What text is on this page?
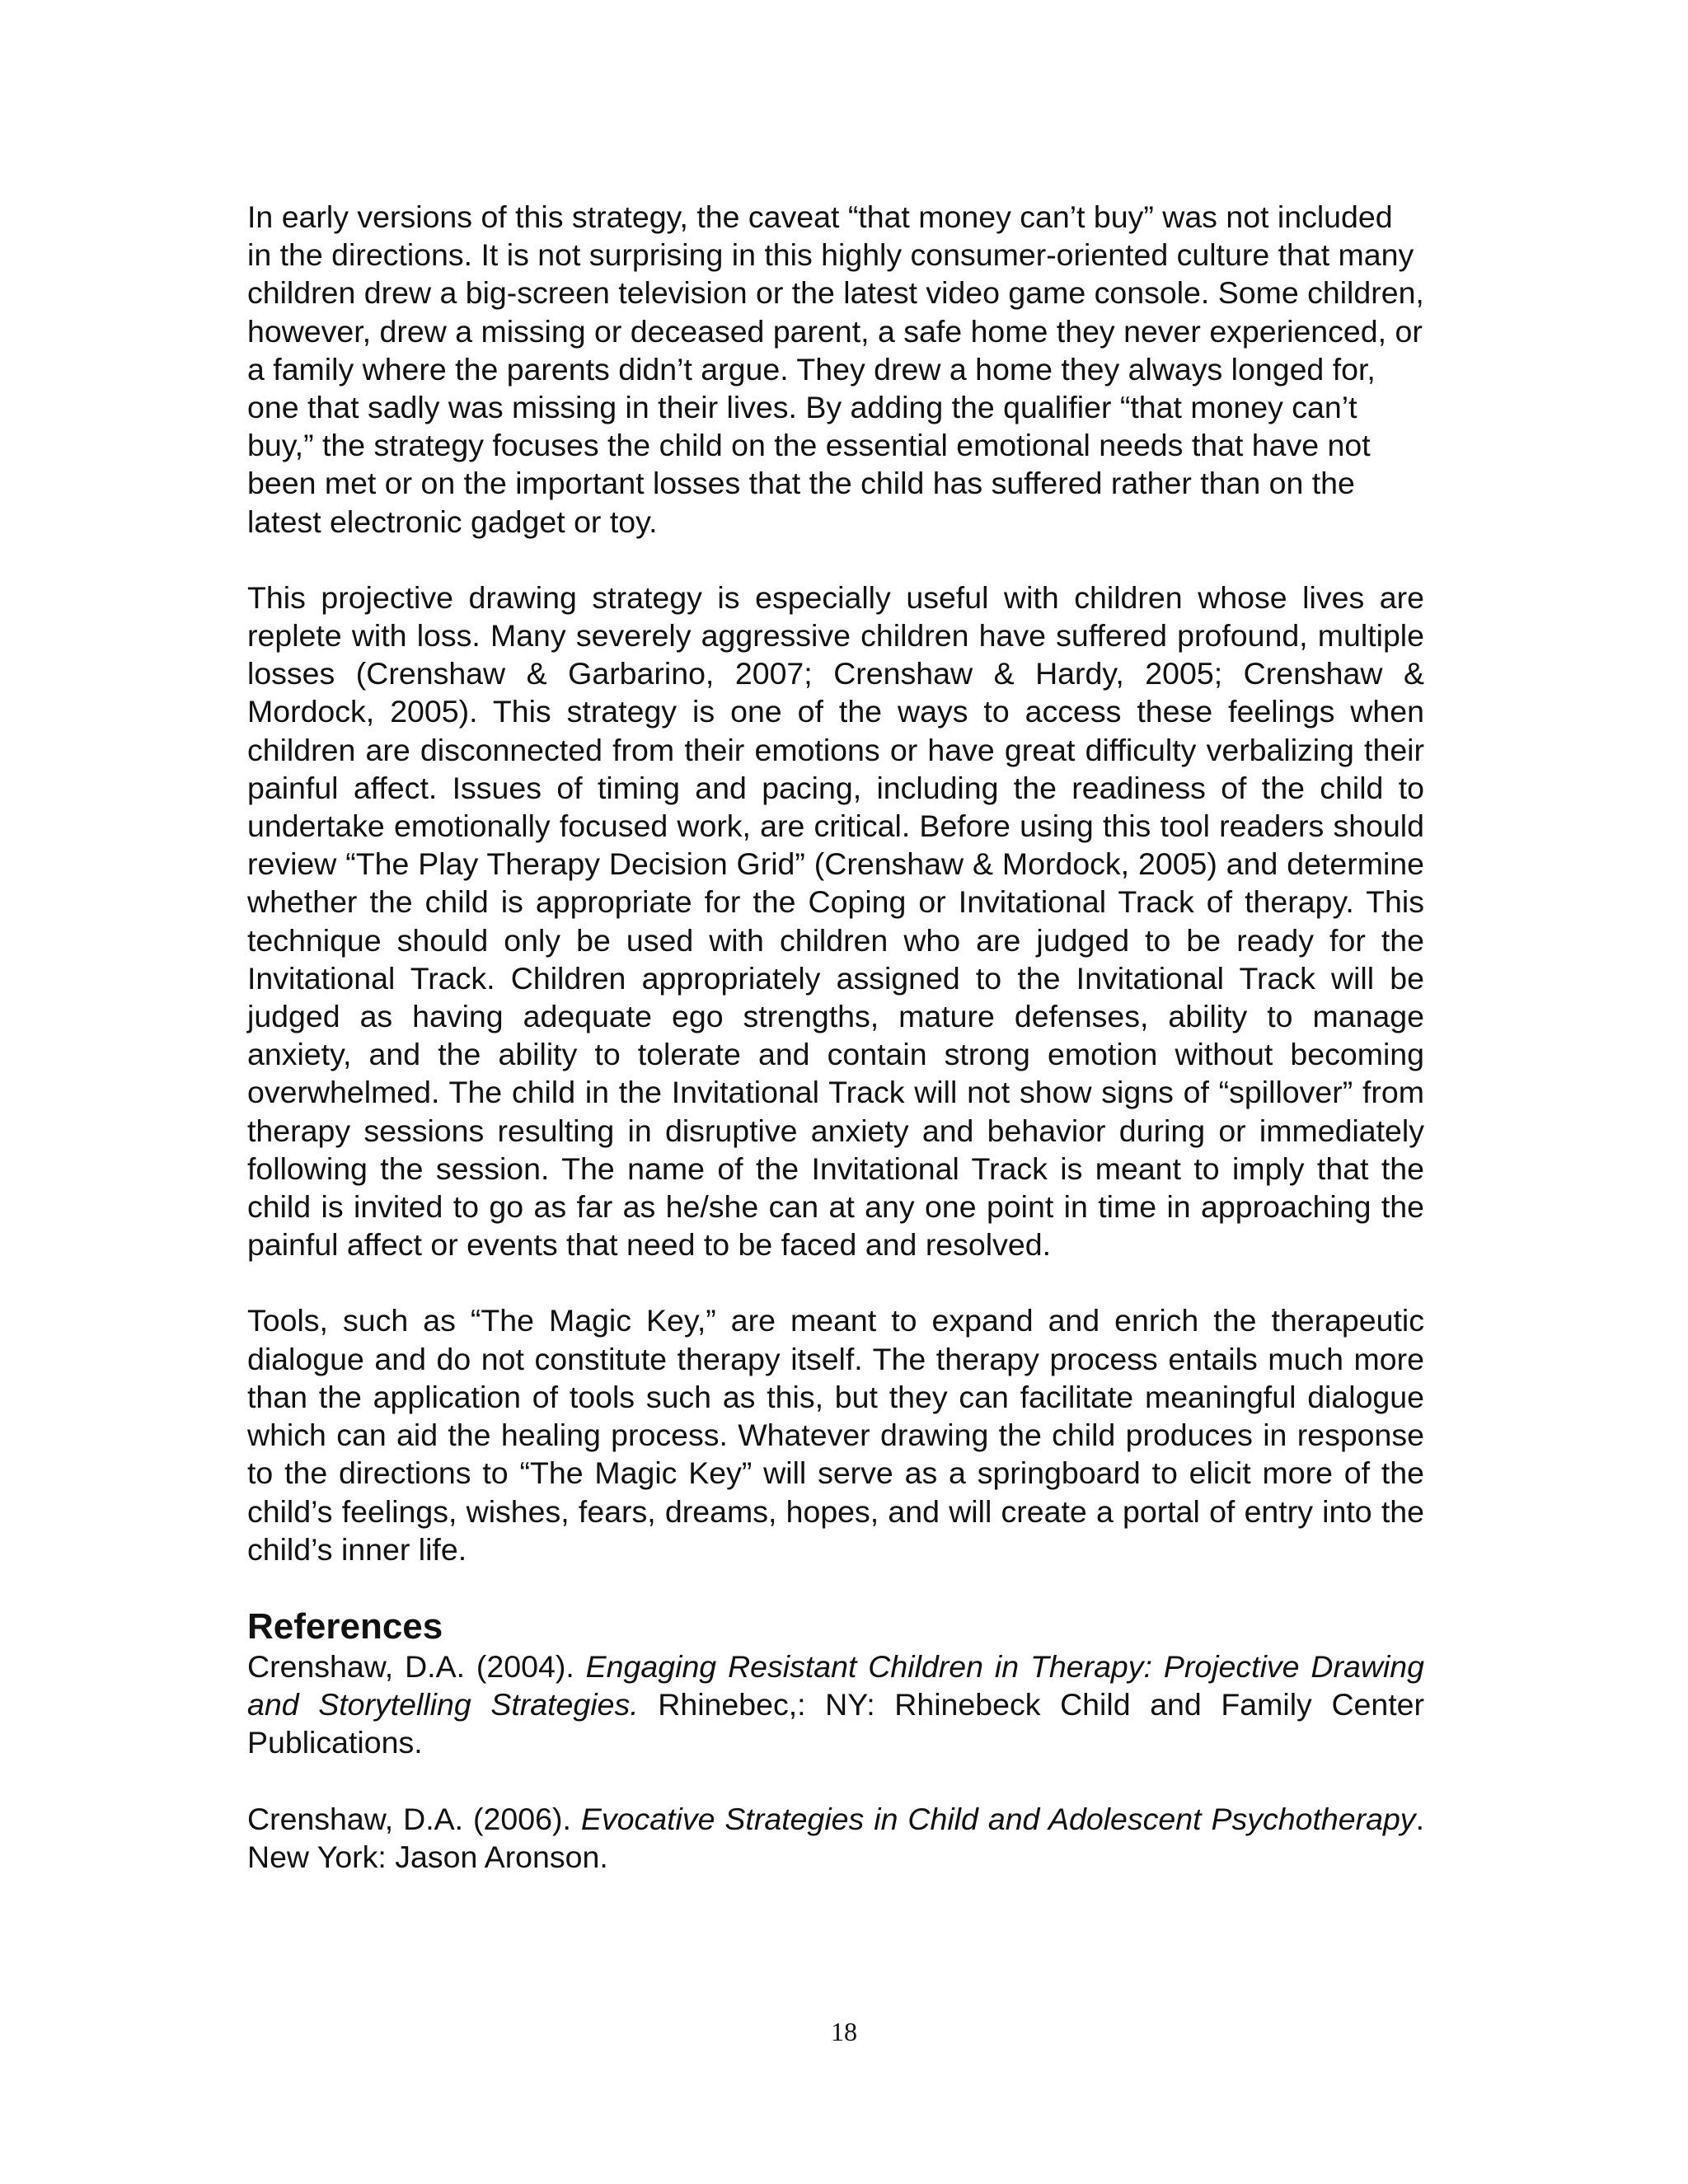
In early versions of this strategy, the caveat “that money can’t buy” was not included in the directions. It is not surprising in this highly consumer-oriented culture that many children drew a big-screen television or the latest video game console. Some children, however, drew a missing or deceased parent, a safe home they never experienced, or a family where the parents didn’t argue. They drew a home they always longed for, one that sadly was missing in their lives. By adding the qualifier “that money can’t buy,” the strategy focuses the child on the essential emotional needs that have not been met or on the important losses that the child has suffered rather than on the latest electronic gadget or toy.

This projective drawing strategy is especially useful with children whose lives are replete with loss. Many severely aggressive children have suffered profound, multiple losses (Crenshaw & Garbarino, 2007; Crenshaw & Hardy, 2005; Crenshaw & Mordock, 2005). This strategy is one of the ways to access these feelings when children are disconnected from their emotions or have great difficulty verbalizing their painful affect. Issues of timing and pacing, including the readiness of the child to undertake emotionally focused work, are critical. Before using this tool readers should review “The Play Therapy Decision Grid” (Crenshaw & Mordock, 2005) and determine whether the child is appropriate for the Coping or Invitational Track of therapy. This technique should only be used with children who are judged to be ready for the Invitational Track. Children appropriately assigned to the Invitational Track will be judged as having adequate ego strengths, mature defenses, ability to manage anxiety, and the ability to tolerate and contain strong emotion without becoming overwhelmed. The child in the Invitational Track will not show signs of “spillover” from therapy sessions resulting in disruptive anxiety and behavior during or immediately following the session. The name of the Invitational Track is meant to imply that the child is invited to go as far as he/she can at any one point in time in approaching the painful affect or events that need to be faced and resolved.

Tools, such as “The Magic Key,” are meant to expand and enrich the therapeutic dialogue and do not constitute therapy itself. The therapy process entails much more than the application of tools such as this, but they can facilitate meaningful dialogue which can aid the healing process. Whatever drawing the child produces in response to the directions to “The Magic Key” will serve as a springboard to elicit more of the child’s feelings, wishes, fears, dreams, hopes, and will create a portal of entry into the child’s inner life.

References

Crenshaw, D.A. (2004). Engaging Resistant Children in Therapy: Projective Drawing and Storytelling Strategies. Rhinebec,: NY: Rhinebeck Child and Family Center Publications.

Crenshaw, D.A. (2006). Evocative Strategies in Child and Adolescent Psychotherapy. New York: Jason Aronson.

18
